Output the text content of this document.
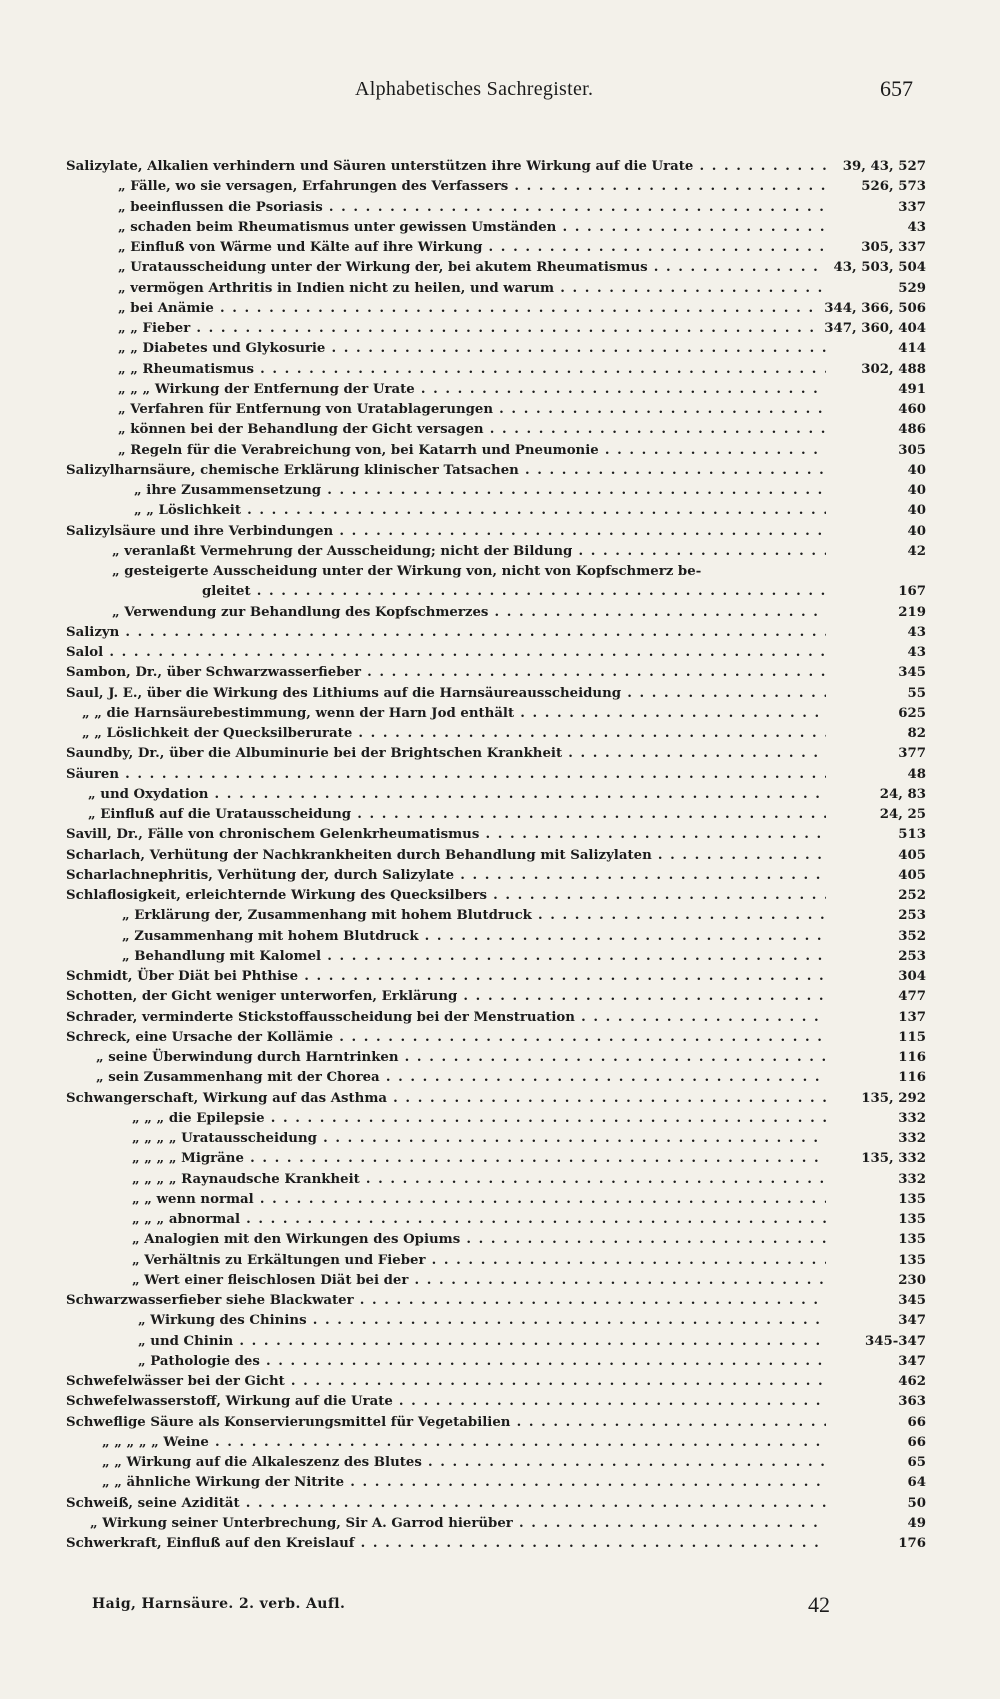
Alphabetisches Sachregister.	657
Salizylate, Alkalien verhindern und Säuren unterstützen ihre Wirkung auf die Urate . .	39, 43, 527
„ Fälle, wo sie versagen, Erfahrungen des Verfassers . .	526, 573
„ beeinflussen die Psoriasis . .	337
„ schaden beim Rheumatismus unter gewissen Umständen . .	43
„ Einfluß von Wärme und Kälte auf ihre Wirkung . .	305, 337
„ Uratausscheidung unter der Wirkung der, bei akutem Rheumatismus . .	43, 503, 504
„ vermögen Arthritis in Indien nicht zu heilen, und warum . .	529
„ bei Anämie . .	344, 366, 506
„ „ Fieber . .	347, 360, 404
„ „ Diabetes und Glykosurie . .	414
„ „ Rheumatismus . .	302, 488
„ „ „ Wirkung der Entfernung der Urate . .	491
„ Verfahren für Entfernung von Uratablagerungen . .	460
„ können bei der Behandlung der Gicht versagen . .	486
„ Regeln für die Verabreichung von, bei Katarrh und Pneumonie . .	305
Salizylharnsäure, chemische Erklärung klinischer Tatsachen . .	40
„ ihre Zusammensetzung . .	40
„ „ Löslichkeit . .	40
Salizylsäure und ihre Verbindungen . .	40
„ veranlaßt Vermehrung der Ausscheidung; nicht der Bildung . .	42
„ gesteigerte Ausscheidung unter der Wirkung von, nicht von Kopfschmerz be-
gleitet . .	167
„ Verwendung zur Behandlung des Kopfschmerzes . .	219
Salizyn . .	43
Salol . .	43
Sambon, Dr., über Schwarzwasserfieber . .	345
Saul, J. E., über die Wirkung des Lithiums auf die Harnsäureausscheidung . .	55
„ „ die Harnsäurebestimmung, wenn der Harn Jod enthält . .	625
„ „ Löslichkeit der Quecksilberurate . .	82
Saundby, Dr., über die Albuminurie bei der Brightschen Krankheit . .	377
Säuren . .	48
„ und Oxydation . .	24, 83
„ Einfluß auf die Uratausscheidung . .	24, 25
Savill, Dr., Fälle von chronischem Gelenkrheumatismus . .	513
Scharlach, Verhütung der Nachkrankheiten durch Behandlung mit Salizylaten . .	405
Scharlachnephritis, Verhütung der, durch Salizylate . .	405
Schlaflosigkeit, erleichternde Wirkung des Quecksilbers . .	252
„ Erklärung der, Zusammenhang mit hohem Blutdruck . .	253
„ Zusammenhang mit hohem Blutdruck . .	352
„ Behandlung mit Kalomel . .	253
Schmidt, Über Diät bei Phthise . .	304
Schotten, der Gicht weniger unterworfen, Erklärung . .	477
Schrader, verminderte Stickstoffausscheidung bei der Menstruation . .	137
Schreck, eine Ursache der Kollämie . .	115
„ seine Überwindung durch Harntrinken . .	116
„ sein Zusammenhang mit der Chorea . .	116
Schwangerschaft, Wirkung auf das Asthma . .	135, 292
„ „ „ die Epilepsie . .	332
„ „ „ „ Uratausscheidung . .	332
„ „ „ „ Migräne . .	135, 332
„ „ „ „ Raynaudsche Krankheit . .	332
„ „ wenn normal . .	135
„ „ „ abnormal . .	135
„ Analogien mit den Wirkungen des Opiums . .	135
„ Verhältnis zu Erkältungen und Fieber . .	135
„ Wert einer fleischlosen Diät bei der . .	230
Schwarzwasserfieber siehe Blackwater . .	345
„ Wirkung des Chinins . .	347
„ und Chinin . .	345-347
„ Pathologie des . .	347
Schwefelwässer bei der Gicht . .	462
Schwefelwasserstoff, Wirkung auf die Urate . .	363
Schweflige Säure als Konservierungsmittel für Vegetabilien . .	66
„ „ „ „ „ Weine . .	66
„ „ Wirkung auf die Alkaleszenz des Blutes . .	65
„ „ ähnliche Wirkung der Nitrite . .	64
Schweiß, seine Azidität . .	50
„ Wirkung seiner Unterbrechung, Sir A. Garrod hierüber . .	49
Schwerkraft, Einfluß auf den Kreislauf . .	176
Haig, Harnsäure. 2. verb. Aufl.	42
